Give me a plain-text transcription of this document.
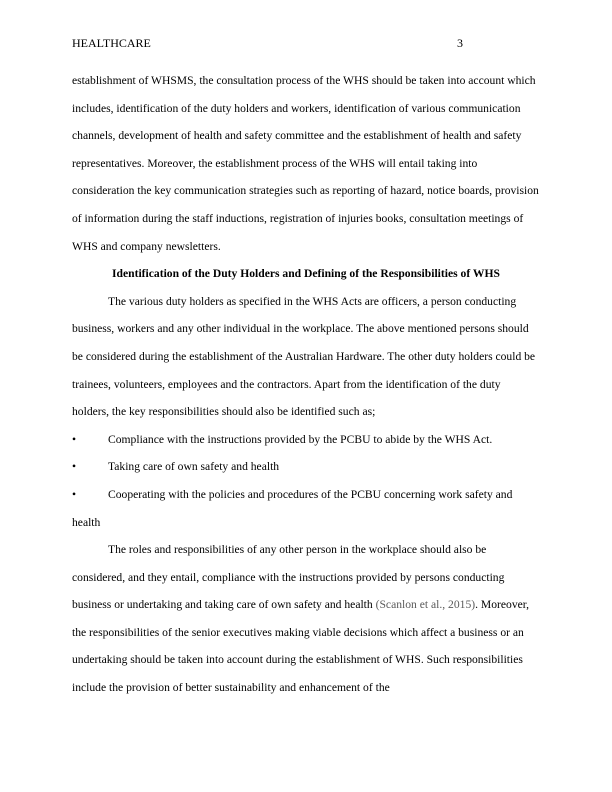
HEALTHCARE	3

establishment of WHSMS, the consultation process of the WHS should be taken into account which includes, identification of the duty holders and workers, identification of various communication channels, development of health and safety committee and the establishment of health and safety representatives. Moreover, the establishment process of the WHS will entail taking into consideration the key communication strategies such as reporting of hazard, notice boards, provision of information during the staff inductions, registration of injuries books, consultation meetings of WHS and company newsletters.

Identification of the Duty Holders and Defining of the Responsibilities of WHS

The various duty holders as specified in the WHS Acts are officers, a person conducting business, workers and any other individual in the workplace. The above mentioned persons should be considered during the establishment of the Australian Hardware. The other duty holders could be trainees, volunteers, employees and the contractors. Apart from the identification of the duty holders, the key responsibilities should also be identified such as;

•	Compliance with the instructions provided by the PCBU to abide by the WHS Act.
•	Taking care of own safety and health
•	Cooperating with the policies and procedures of the PCBU concerning work safety and health

The roles and responsibilities of any other person in the workplace should also be considered, and they entail, compliance with the instructions provided by persons conducting business or undertaking and taking care of own safety and health (Scanlon et al., 2015). Moreover, the responsibilities of the senior executives making viable decisions which affect a business or an undertaking should be taken into account during the establishment of WHS. Such responsibilities include the provision of better sustainability and enhancement of the
